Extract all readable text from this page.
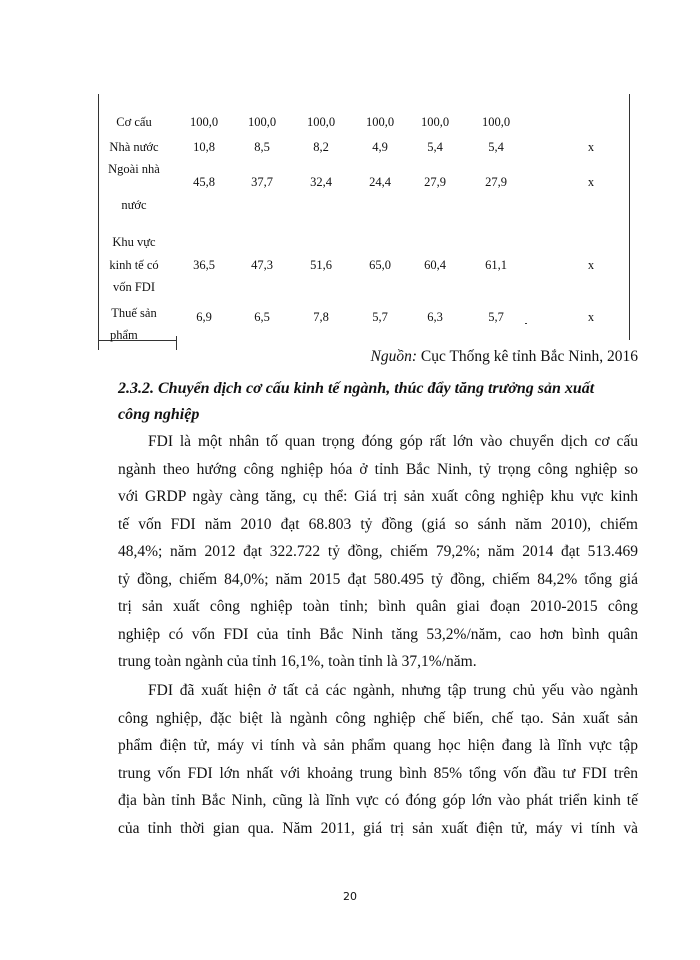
Cơ cấu	100,0	100,0	100,0	100,0	100,0	100,0
Nhà nước	10,8	8,5	8,2	4,9	5,4	5,4	x
Ngoài nhà
nước
45,8	37,7	32,4	24,4	27,9	27,9	x
Khu vực
kinh tế có
vốn FDI
36,5	47,3	51,6	65,0	60,4	61,1	x
Thuế sản
phẩm
6,9	6,5	7,8	5,7	6,3	5,7	x
Nguồn: Cục Thống kê tỉnh Bắc Ninh, 2016
2.3.2. Chuyển dịch cơ cấu kinh tế ngành, thúc đẩy tăng trưởng sản xuất
công nghiệp
FDI là một nhân tố quan trọng đóng góp rất lớn vào chuyển dịch cơ cấu
ngành theo hướng công nghiệp hóa ở tỉnh Bắc Ninh, tỷ trọng công nghiệp so
với GRDP ngày càng tăng, cụ thể: Giá trị sản xuất công nghiệp khu vực kinh
tế vốn FDI năm 2010 đạt 68.803 tỷ đồng (giá so sánh năm 2010), chiếm
48,4%; năm 2012 đạt 322.722 tỷ đồng, chiếm 79,2%; năm 2014 đạt 513.469
tỷ đồng, chiếm 84,0%; năm 2015 đạt 580.495 tỷ đồng, chiếm 84,2% tổng giá
trị sản xuất công nghiệp toàn tỉnh; bình quân giai đoạn 2010-2015 công
nghiệp có vốn FDI của tỉnh Bắc Ninh tăng 53,2%/năm, cao hơn bình quân
trung toàn ngành của tỉnh 16,1%, toàn tỉnh là 37,1%/năm.
FDI đã xuất hiện ở tất cả các ngành, nhưng tập trung chủ yếu vào ngành
công nghiệp, đặc biệt là ngành công nghiệp chế biến, chế tạo. Sản xuất sản
phẩm điện tử, máy vi tính và sản phẩm quang học hiện đang là lĩnh vực tập
trung vốn FDI lớn nhất với khoảng trung bình 85% tổng vốn đầu tư FDI trên
địa bàn tỉnh Bắc Ninh, cũng là lĩnh vực có đóng góp lớn vào phát triển kinh tế
của tỉnh thời gian qua. Năm 2011, giá trị sản xuất điện tử, máy vi tính và
20
